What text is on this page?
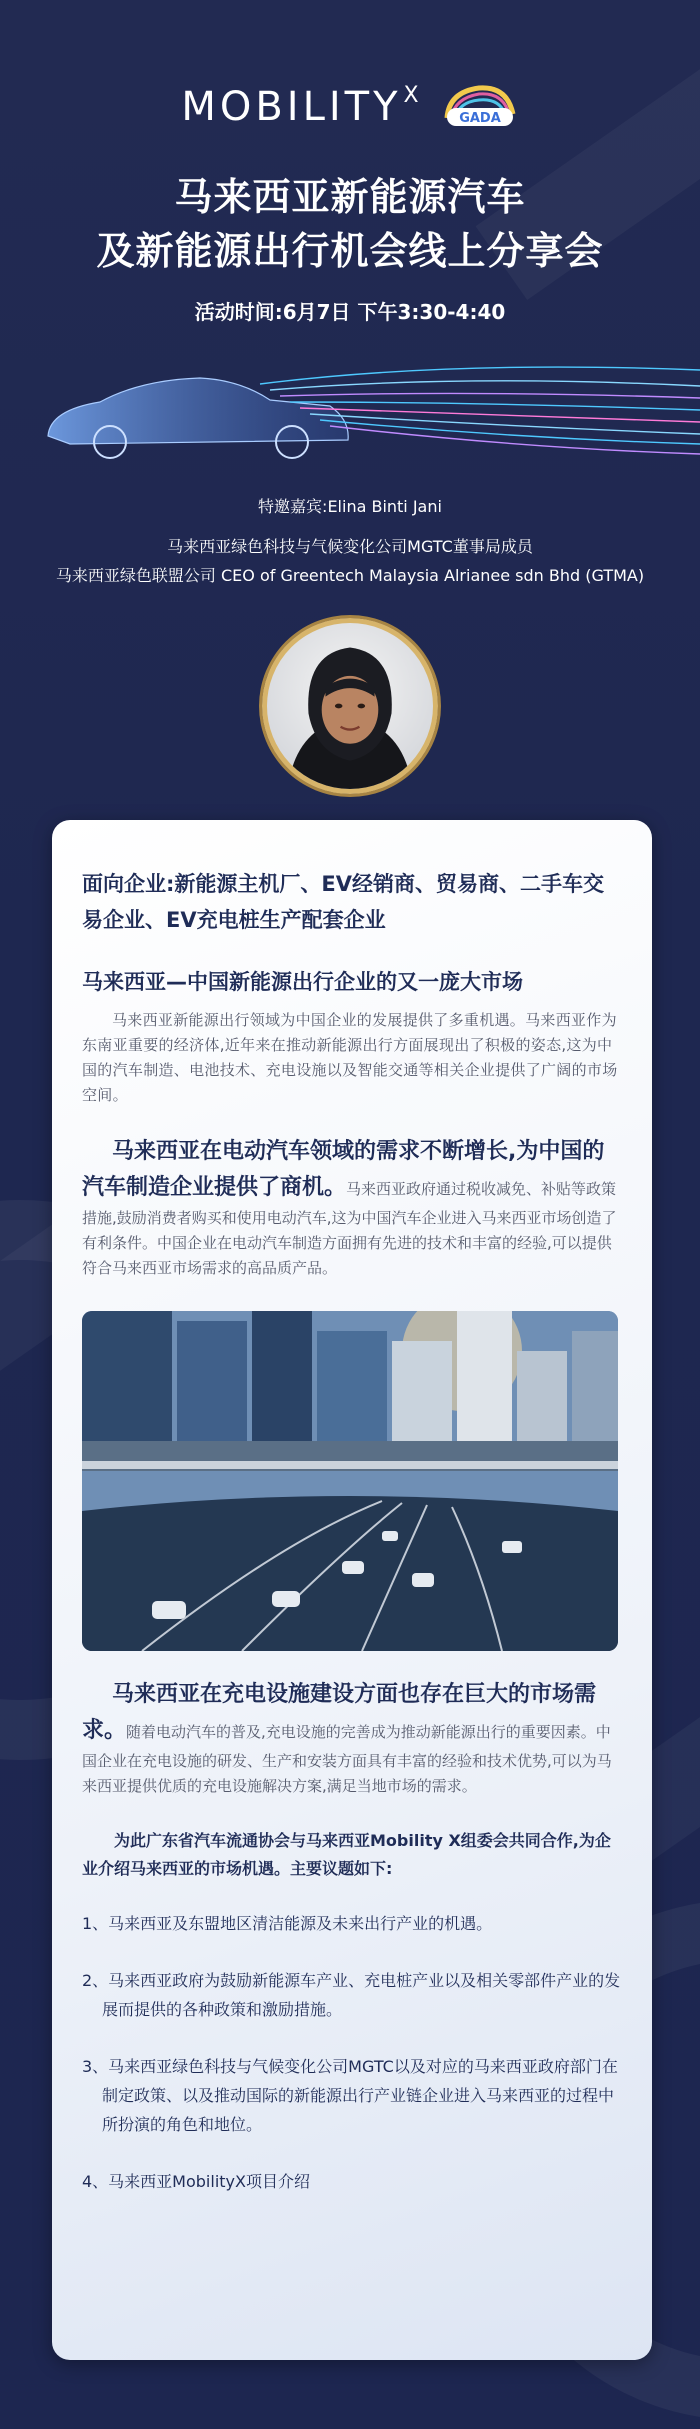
$MOBILITY^X$
GADA
马来西亚新能源汽车
及新能源出行机会线上分享会
活动时间:6月7日 下午3:30-4:40
特邀嘉宾:Elina Binti Jani
马来西亚绿色科技与气候变化公司MGTC董事局成员
马来西亚绿色联盟公司 CEO of Greentech Malaysia Alrianee sdn Bhd (GTMA)
面向企业:新能源主机厂、EV经销商、贸易商、二手车交易企业、EV充电桩生产配套企业
马来西亚—中国新能源出行企业的又一庞大市场

马来西亚新能源出行领域为中国企业的发展提供了多重机遇。马来西亚作为东南亚重要的经济体,近年来在推动新能源出行方面展现出了积极的姿态,这为中国的汽车制造、电池技术、充电设施以及智能交通等相关企业提供了广阔的市场空间。

马来西亚在电动汽车领域的需求不断增长,为中国的汽车制造企业提供了商机。马来西亚政府通过税收减免、补贴等政策措施,鼓励消费者购买和使用电动汽车,这为中国汽车企业进入马来西亚市场创造了有利条件。中国企业在电动汽车制造方面拥有先进的技术和丰富的经验,可以提供符合马来西亚市场需求的高品质产品。

马来西亚在充电设施建设方面也存在巨大的市场需求。随着电动汽车的普及,充电设施的完善成为推动新能源出行的重要因素。中国企业在充电设施的研发、生产和安装方面具有丰富的经验和技术优势,可以为马来西亚提供优质的充电设施解决方案,满足当地市场的需求。

为此广东省汽车流通协会与马来西亚Mobility X组委会共同合作,为企业介绍马来西亚的市场机遇。主要议题如下:

1、马来西亚及东盟地区清洁能源及未来出行产业的机遇。
2、马来西亚政府为鼓励新能源车产业、充电桩产业以及相关零部件产业的发展而提供的各种政策和激励措施。
3、马来西亚绿色科技与气候变化公司MGTC以及对应的马来西亚政府部门在制定政策、以及推动国际的新能源出行产业链企业进入马来西亚的过程中所扮演的角色和地位。
4、马来西亚MobilityX项目介绍
